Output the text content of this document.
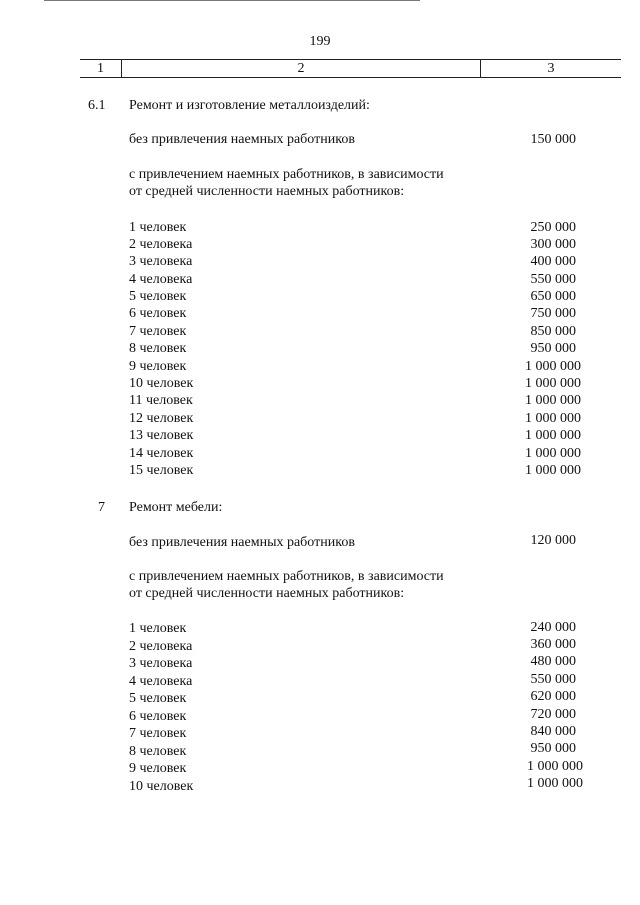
199
1	2	3
6.1 Ремонт и изготовление металлоизделий:
без привлечения наемных работников	150 000
с привлечением наемных работников, в зависимости
от средней численности наемных работников:
1 человек	250 000
2 человека	300 000
3 человека	400 000
4 человека	550 000
5 человек	650 000
6 человек	750 000
7 человек	850 000
8 человек	950 000
9 человек	1 000 000
10 человек	1 000 000
11 человек	1 000 000
12 человек	1 000 000
13 человек	1 000 000
14 человек	1 000 000
15 человек	1 000 000
7 Ремонт мебели:
без привлечения наемных работников	120 000
с привлечением наемных работников, в зависимости
от средней численности наемных работников:
1 человек	240 000
2 человека	360 000
3 человека	480 000
4 человека	550 000
5 человек	620 000
6 человек	720 000
7 человек	840 000
8 человек	950 000
9 человек	1 000 000
10 человек	1 000 000
